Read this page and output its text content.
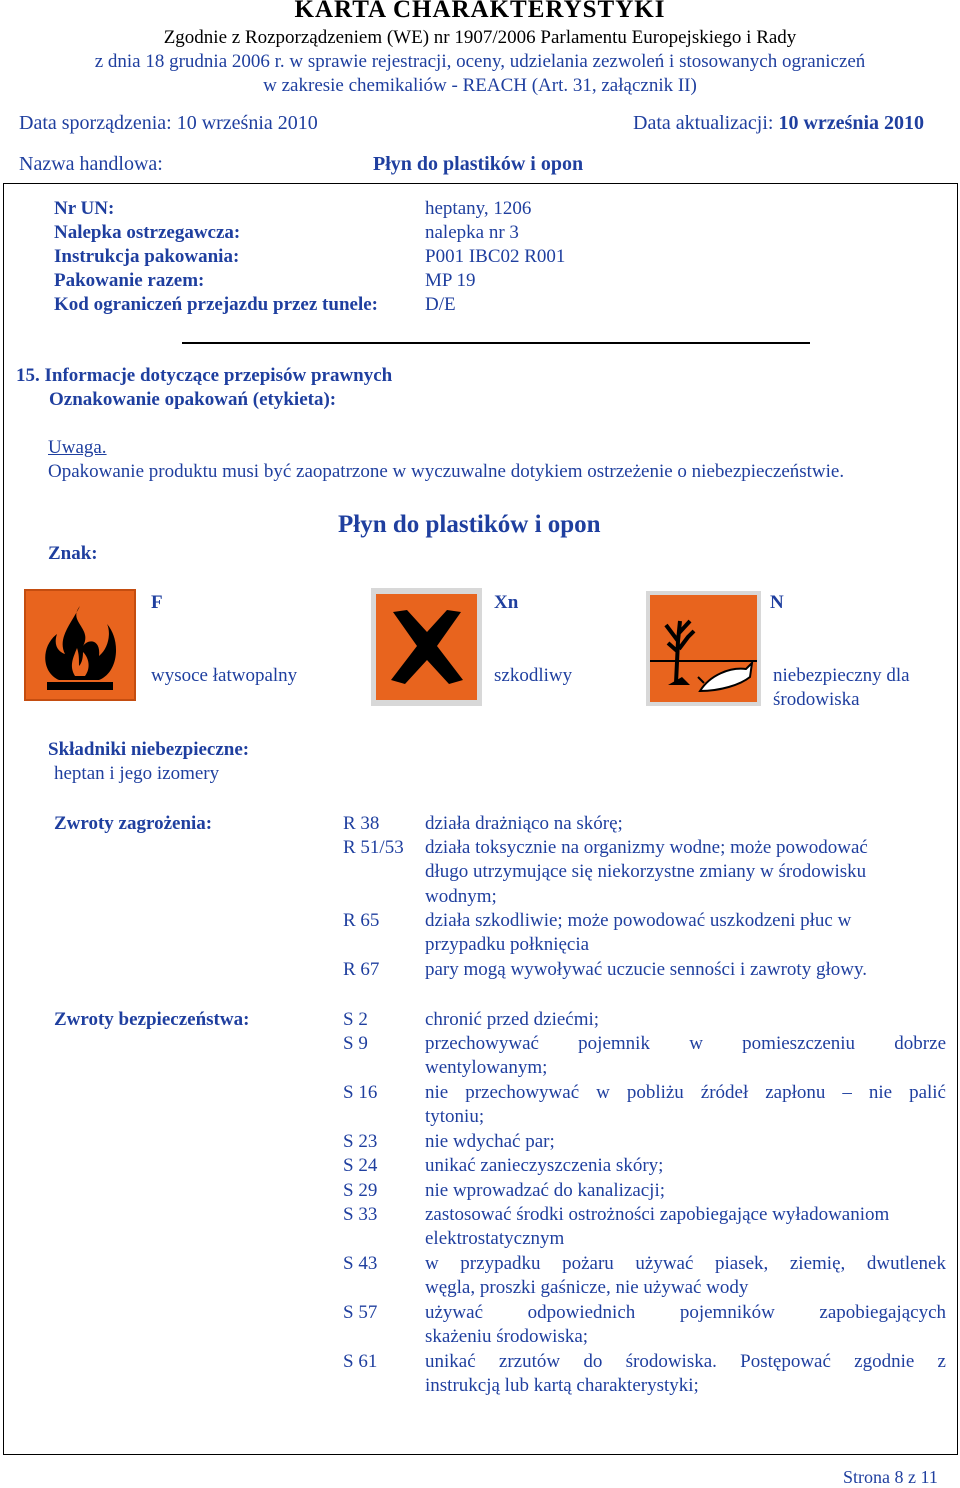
KARTA CHARAKTERYSTYKI
Zgodnie z Rozporządzeniem (WE) nr 1907/2006 Parlamentu Europejskiego i Rady
z dnia 18 grudnia 2006 r. w sprawie rejestracji, oceny, udzielania zezwoleń i stosowanych ograniczeń
w zakresie chemikaliów - REACH (Art. 31, załącznik II)
Data sporządzenia: 10 września 2010	Data aktualizacji: 10 września 2010
Nazwa handlowa:	Płyn do plastików i opon
Nr UN:	heptany, 1206
Nalepka ostrzegawcza:	nalepka nr 3
Instrukcja pakowania:	P001 IBC02 R001
Pakowanie razem:	MP 19
Kod ograniczeń przejazdu przez tunele: D/E
15. Informacje dotyczące przepisów prawnych
Oznakowanie opakowań (etykieta):
Uwaga.
Opakowanie produktu musi być zaopatrzone w wyczuwalne dotykiem ostrzeżenie o niebezpieczeństwie.
Znak:
Płyn do plastików i opon
F
wysoce łatwopalny
Xn
szkodliwy
N
niebezpieczny dla
środowiska
Składniki niebezpieczne:
heptan i jego izomery
Zwroty zagrożenia:	R 38 działa drażniąco na skórę;
R 51/53 działa toksycznie na organizmy wodne; może powodować
długo utrzymujące się niekorzystne zmiany w środowisku
wodnym;
R 65 działa szkodliwie; może powodować uszkodzeni płuc w
przypadku połknięcia
R 67 pary mogą wywoływać uczucie senności i zawroty głowy.
Zwroty bezpieczeństwa:	S 2	chronić przed dziećmi;
S 9	przechowywać pojemnik w pomieszczeniu dobrze
wentylowanym;
S 16	nie przechowywać w pobliżu źródeł zapłonu – nie palić
tytoniu;
S 23	nie wdychać par;
S 24	unikać zanieczyszczenia skóry;
S 29	nie wprowadzać do kanalizacji;
S 33	zastosować środki ostrożności zapobiegające wyładowaniom
elektrostatycznym
S 43	w przypadku pożaru używać piasek, ziemię, dwutlenek
węgla, proszki gaśnicze, nie używać wody
S 57	używać odpowiednich pojemników zapobiegających
skażeniu środowiska;
S 61	unikać zrzutów do środowiska. Postępować zgodnie z
instrukcją lub kartą charakterystyki;
Strona 8 z 11
